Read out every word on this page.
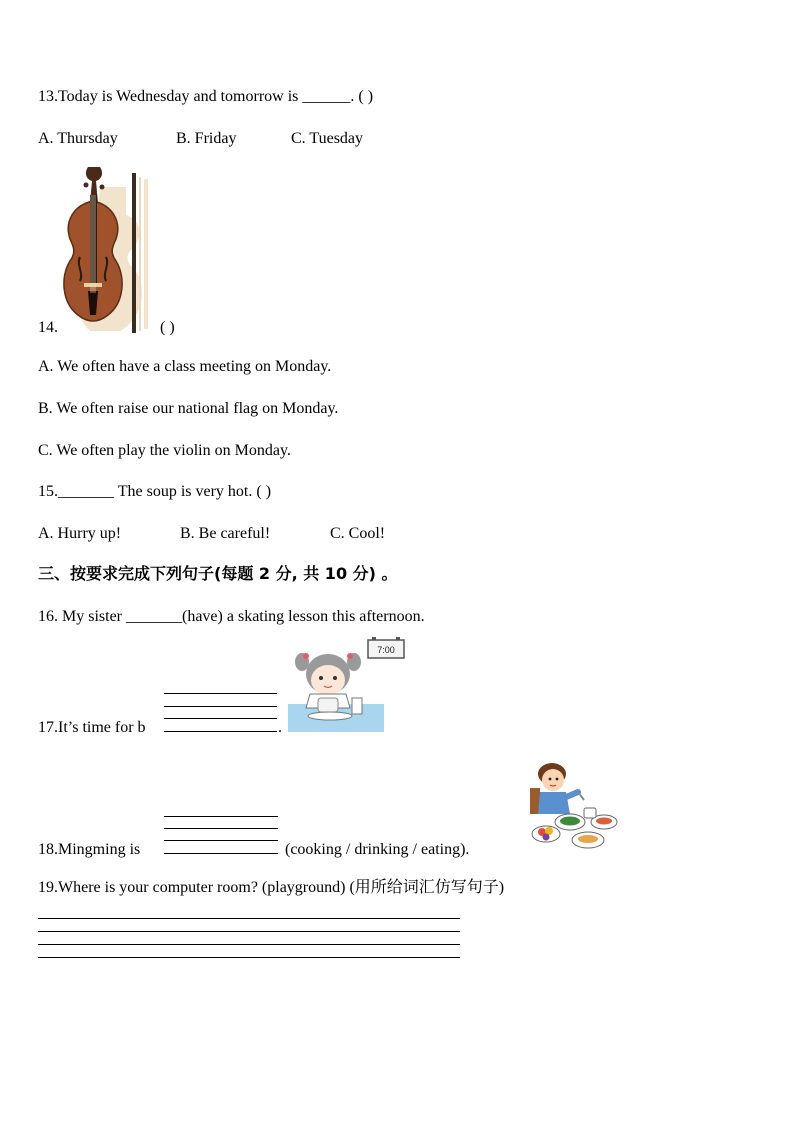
13.Today is Wednesday and tomorrow is ______. ( )
A. Thursday	B. Friday	C. Tuesday
14.	( )
A. We often have a class meeting on Monday.
B. We often raise our national flag on Monday.
C. We often play the violin on Monday.
15._______ The soup is very hot. ( )
A. Hurry up!	B. Be careful!	C. Cool!
三、按要求完成下列句子(每题 2 分, 共 10 分) 。
16. My sister _______(have) a skating lesson this afternoon.
17.It’s time for b	.
7:00
18.Mingming is	(cooking / drinking / eating).
19.Where is your computer room? (playground) (用所给词汇仿写句子)
